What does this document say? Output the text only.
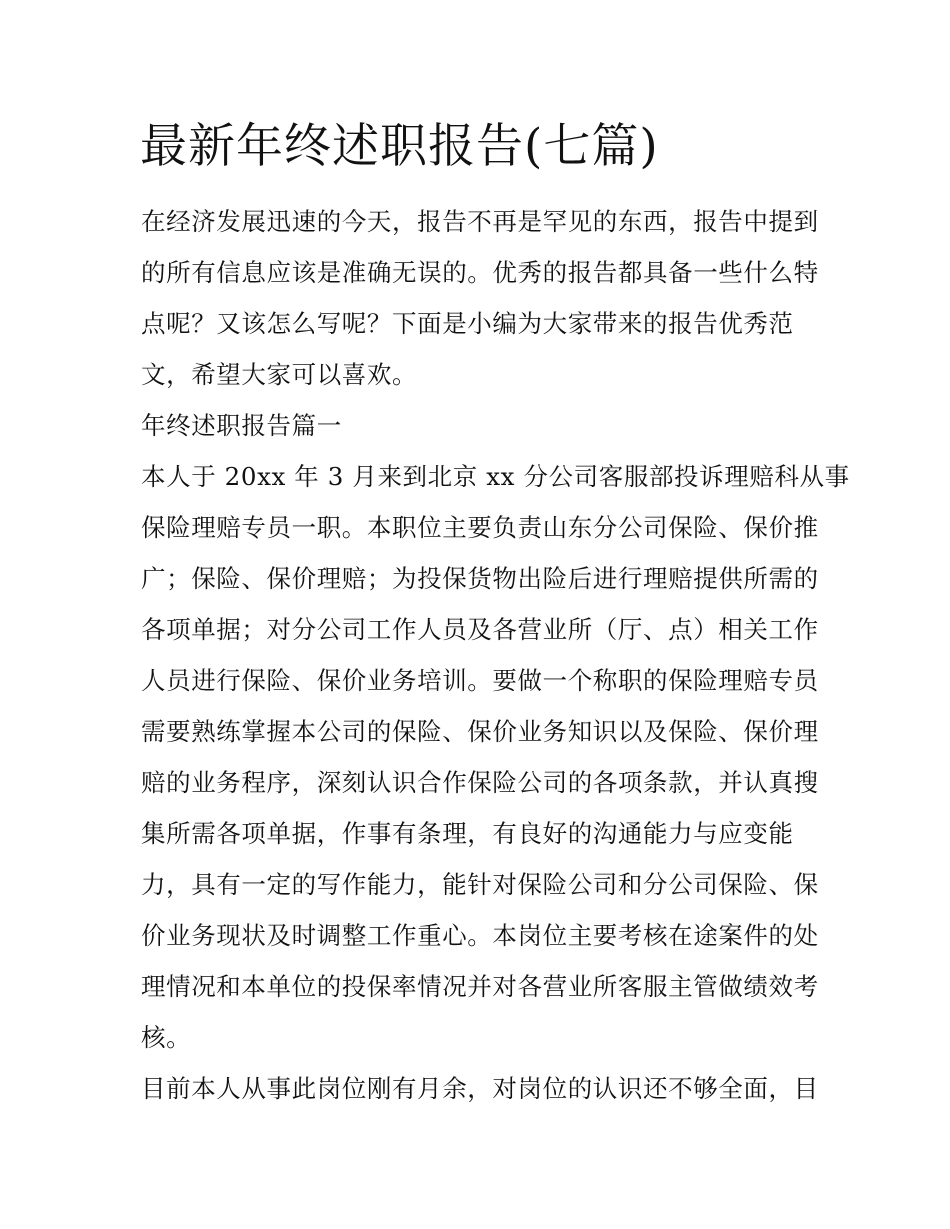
最新年终述职报告(七篇)

在经济发展迅速的今天，报告不再是罕见的东西，报告中提到

的所有信息应该是准确无误的。优秀的报告都具备一些什么特

点呢？又该怎么写呢？下面是小编为大家带来的报告优秀范

文，希望大家可以喜欢。

年终述职报告篇一

本人于 20xx 年 3 月来到北京 xx 分公司客服部投诉理赔科从事

保险理赔专员一职。本职位主要负责山东分公司保险、保价推

广；保险、保价理赔；为投保货物出险后进行理赔提供所需的

各项单据；对分公司工作人员及各营业所（厅、点）相关工作

人员进行保险、保价业务培训。要做一个称职的保险理赔专员

需要熟练掌握本公司的保险、保价业务知识以及保险、保价理

赔的业务程序，深刻认识合作保险公司的各项条款，并认真搜

集所需各项单据，作事有条理，有良好的沟通能力与应变能

力，具有一定的写作能力，能针对保险公司和分公司保险、保

价业务现状及时调整工作重心。本岗位主要考核在途案件的处

理情况和本单位的投保率情况并对各营业所客服主管做绩效考

核。

目前本人从事此岗位刚有月余，对岗位的认识还不够全面，目
